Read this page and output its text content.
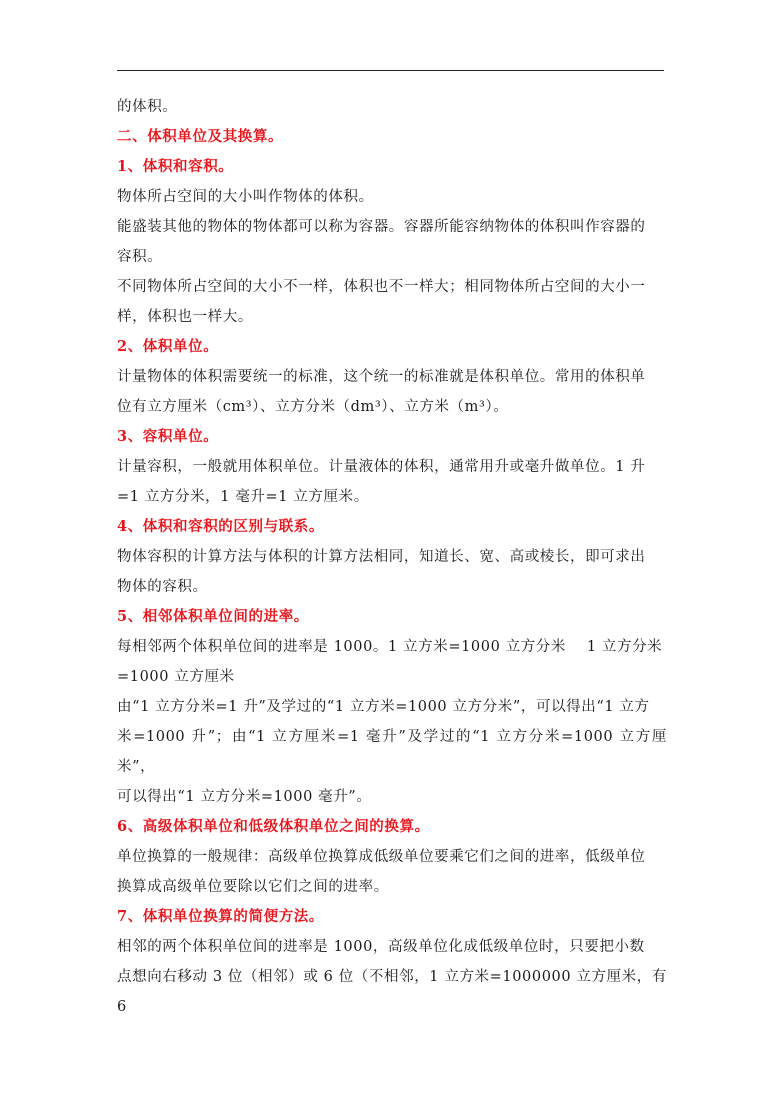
的体积。

二、体积单位及其换算。

1、体积和容积。

物体所占空间的大小叫作物体的体积。

能盛装其他的物体的物体都可以称为容器。容器所能容纳物体的体积叫作容器的

容积。

不同物体所占空间的大小不一样，体积也不一样大；相同物体所占空间的大小一

样，体积也一样大。

2、体积单位。

计量物体的体积需要统一的标准，这个统一的标准就是体积单位。常用的体积单

位有立方厘米（cm³）、立方分米（dm³）、立方米（m³）。

3、容积单位。

计量容积，一般就用体积单位。计量液体的体积，通常用升或毫升做单位。1 升

=1 立方分米，1 毫升=1 立方厘米。

4、体积和容积的区别与联系。

物体容积的计算方法与体积的计算方法相同，知道长、宽、高或棱长，即可求出

物体的容积。

5、相邻体积单位间的进率。

每相邻两个体积单位间的进率是 1000。1 立方米=1000 立方分米    1 立方分米

=1000 立方厘米

由“1 立方分米=1 升”及学过的“1 立方米=1000 立方分米”，可以得出“1 立方

米=1000 升”；由“1 立方厘米=1 毫升”及学过的“1 立方分米=1000 立方厘米”，

可以得出“1 立方分米=1000 毫升”。

6、高级体积单位和低级体积单位之间的换算。

单位换算的一般规律：高级单位换算成低级单位要乘它们之间的进率，低级单位

换算成高级单位要除以它们之间的进率。

7、体积单位换算的简便方法。

相邻的两个体积单位间的进率是 1000，高级单位化成低级单位时，只要把小数

点想向右移动 3 位（相邻）或 6 位（不相邻，1 立方米=1000000 立方厘米，有 6
